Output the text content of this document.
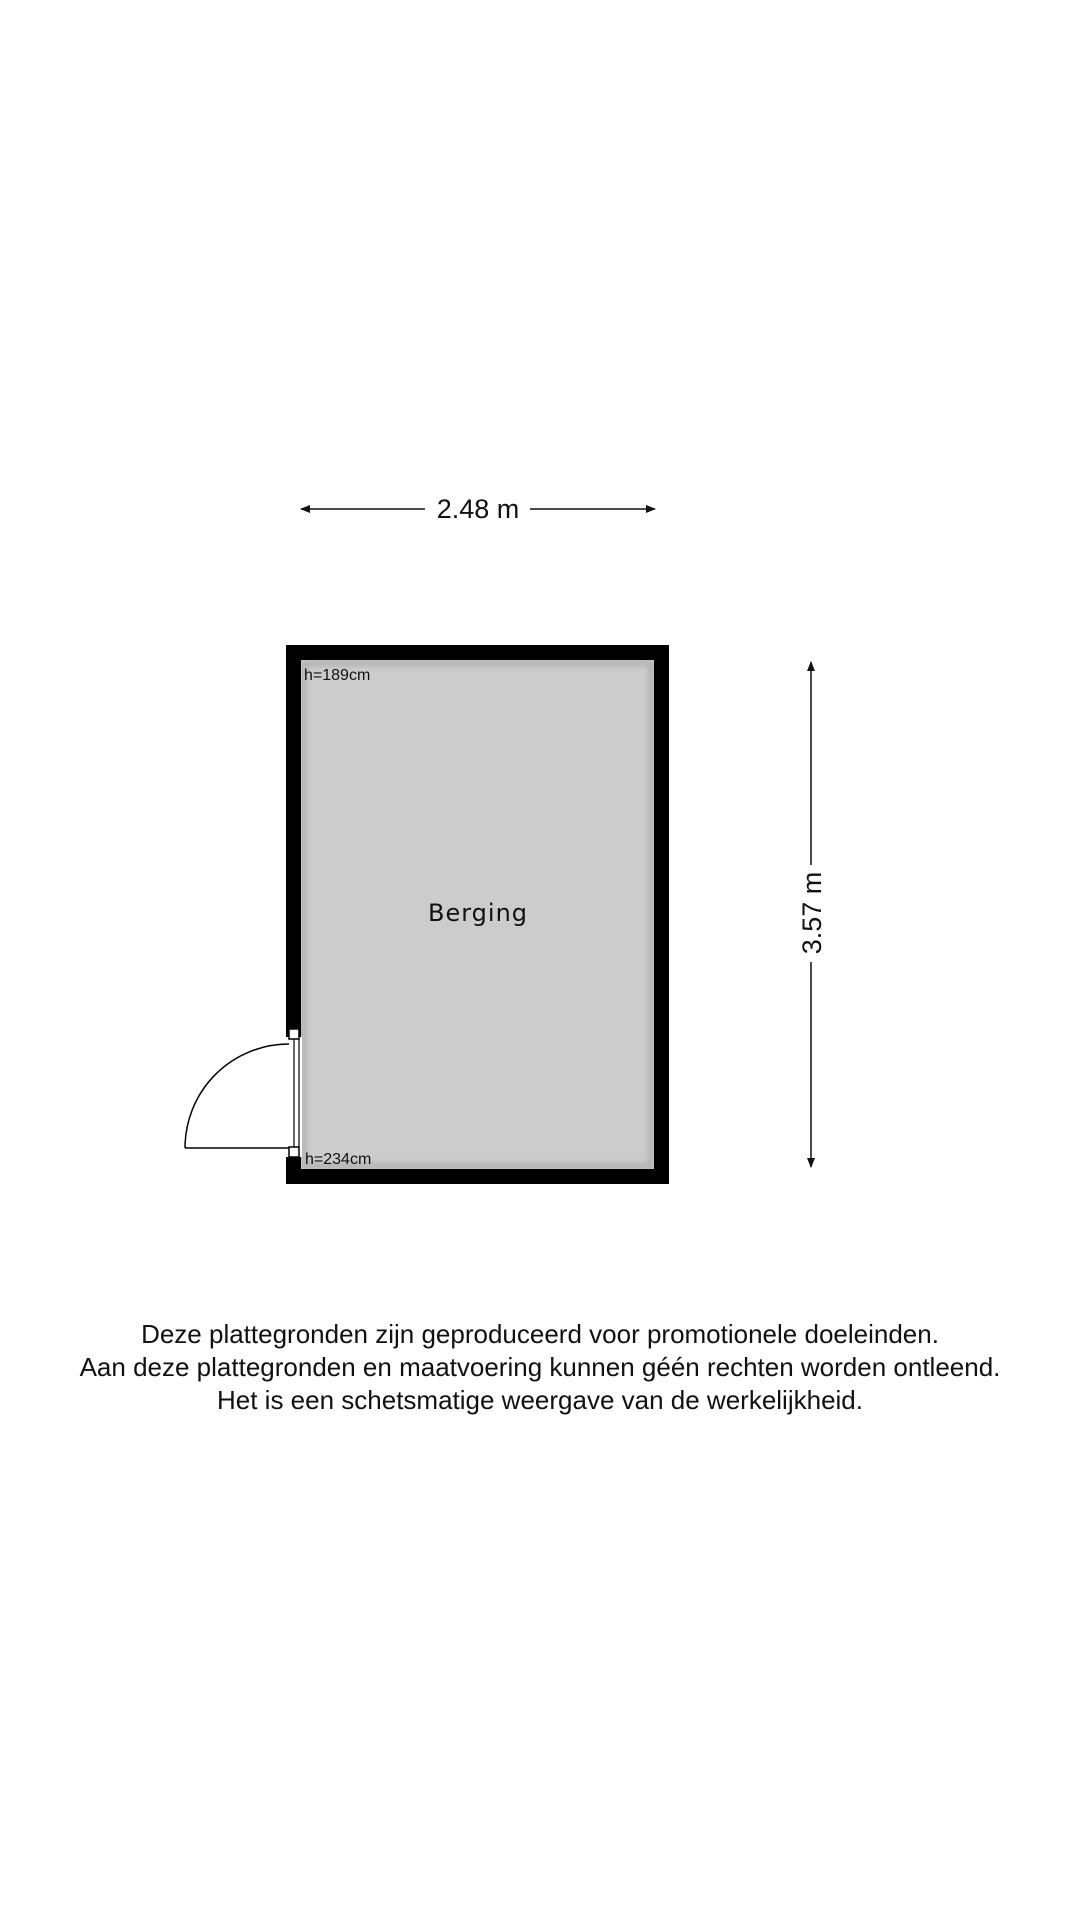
2.48 m
3.57 m
Berging
h=189cm
h=234cm
Deze plattegronden zijn geproduceerd voor promotionele doeleinden.
Aan deze plattegronden en maatvoering kunnen géén rechten worden ontleend.
Het is een schetsmatige weergave van de werkelijkheid.
